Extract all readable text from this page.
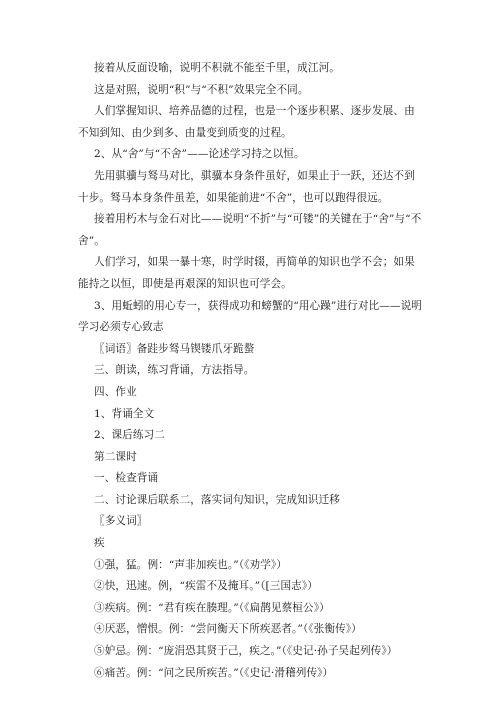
接着从反面设喻，说明不积就不能至千里，成江河。

这是对照，说明“积”与“不积”效果完全不同。

人们掌握知识、培养品德的过程，也是一个逐步积累、逐步发展、由不知到知、由少到多、由量变到质变的过程。

2、从“舍”与“不舍”——论述学习持之以恒。

先用骐骥与驽马对比，骐骥本身条件虽好，如果止于一跃，还达不到十步。驽马本身条件虽差，如果能前进“不舍”，也可以跑得很远。

接着用朽木与金石对比——说明“不折”与“可镂”的关键在于“舍”与“不舍”。

人们学习，如果一暴十寒，时学时辍，再简单的知识也学不会；如果能持之以恒，即使是再艰深的知识也可学会。

3、用蚯蚓的用心专一，获得成功和螃蟹的“用心躁”进行对比——说明学习必须专心致志

〖词语〗备跬步驽马锲镂爪牙跪螯

三、朗读，练习背诵，方法指导。

四、作业

1、背诵全文

2、课后练习二

第二课时

一、检查背诵

二、讨论课后联系二，落实词句知识，完成知识迁移

〖多义词〗

疾

①强，猛。例：“声非加疾也。”（《劝学》）

②快，迅速。例，“疾雷不及掩耳。”（[三国志》）

③疾病。例：“君有疾在腠理。”（《扁鹊见蔡桓公》）

④厌恶，憎恨。例：“尝问衡天下所疾恶者。”（《张衡传》）

⑤妒忌。例：“庞涓恐其贤于己，疾之。”（《史记·孙子吴起列传》）

⑥痛苦。例：“问之民所疾苦。”（《史记·滑稽列传》）
